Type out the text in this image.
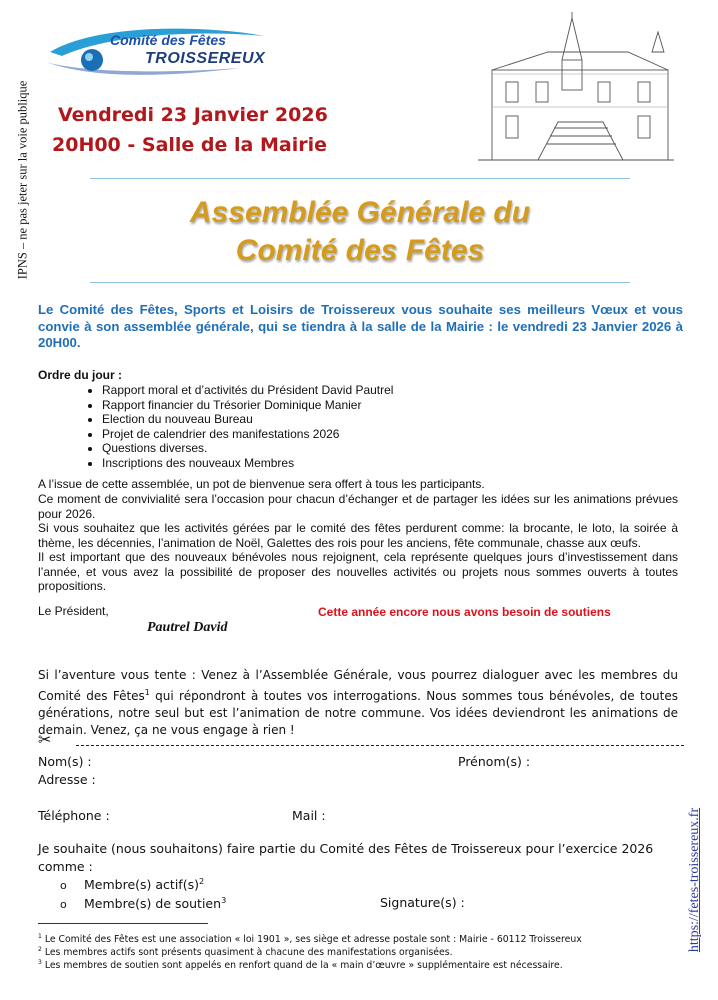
IPNS – ne pas jeter sur la voie publique
https://fetes-troissereux.fr
Comité des Fêtes
TROISSEREUX
Vendredi 23 Janvier 2026
20H00 - Salle de la Mairie
Assemblée Générale du
Comité des Fêtes
Le Comité des Fêtes, Sports et Loisirs de Troissereux vous souhaite ses meilleurs Vœux et vous convie à son assemblée générale, qui se tiendra à la salle de la Mairie : le vendredi 23 Janvier 2026 à 20H00.
Ordre du jour :
• Rapport moral et d’activités du Président David Pautrel
• Rapport financier du Trésorier Dominique Manier
• Election du nouveau Bureau
• Projet de calendrier des manifestations 2026
• Questions diverses.
• Inscriptions des nouveaux Membres
A l’issue de cette assemblée, un pot de bienvenue sera offert à tous les participants.
Ce moment de convivialité sera l’occasion pour chacun d’échanger et de partager les idées sur les animations prévues pour 2026.
Si vous souhaitez que les activités gérées par le comité des fêtes perdurent comme: la brocante, le loto, la soirée à thème, les décennies, l’animation de Noël, Galettes des rois pour les anciens, fête communale, chasse aux œufs.
Il est important que des nouveaux bénévoles nous rejoignent, cela représente quelques jours d’investissement dans l’année, et vous avez la possibilité de proposer des nouvelles activités ou projets nous sommes ouverts à toutes propositions.
Le Président,
Pautrel David
Cette année encore nous avons besoin de soutiens
Si l’aventure vous tente : Venez à l’Assemblée Générale, vous pourrez dialoguer avec les membres du Comité des Fêtes$^1$ qui répondront à toutes vos interrogations. Nous sommes tous bénévoles, de toutes générations, notre seul but est l’animation de notre commune. Vos idées deviendront les animations de demain. Venez, ça ne vous engage à rien !
✂
Nom(s) :	Prénom(s) :
Adresse :
Téléphone :	Mail :
Je souhaite (nous souhaitons) faire partie du Comité des Fêtes de Troissereux pour l’exercice 2026 comme :
o Membre(s) $actif(s)^2$
o Membre(s) de soutien$^3$	Signature(s) :
$^1$ Le Comité des Fêtes est une association « loi 1901 », ses siège et adresse postale sont : Mairie - 60112 Troissereux
$^2$ Les membres actifs sont présents quasiment à chacune des manifestations organisées.
$^3$ Les membres de soutien sont appelés en renfort quand de la « main d’œuvre » supplémentaire est nécessaire.
